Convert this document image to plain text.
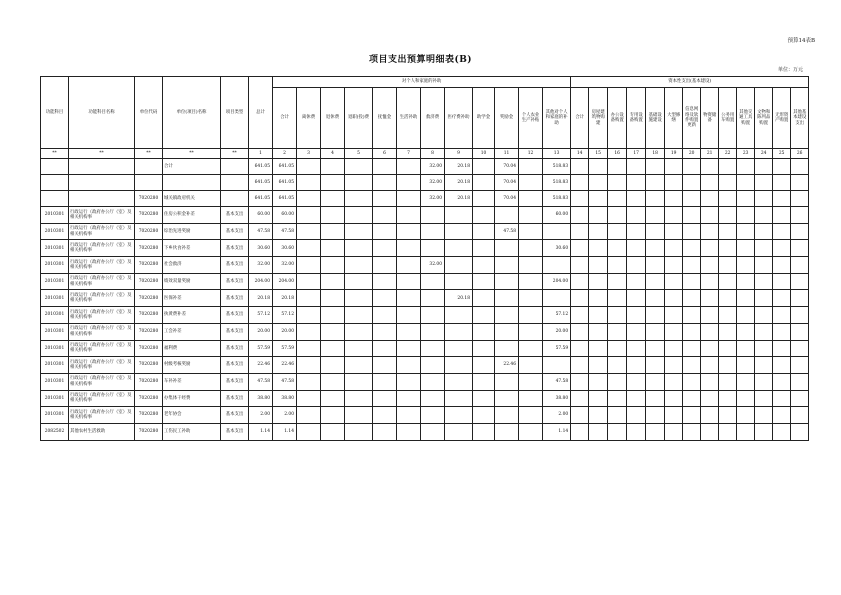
预算14表B
项目支出预算明细表(B)
单位：万元
功能科目	功能科目名称	单位代码	单位(项目)名称	项目类型	总计	对个人和家庭的补助												资本性支出(基本建设)												
						合计	离休费	退休费	退职(役)费	抚恤金	生活补助	救济费	医疗费补助	助学金	奖励金	个人农业生产补贴	其他对个人和家庭的补助	合计	房屋建筑物购建	办公设备购置	专用设备购置	基础设施建设	大型修缮	信息网络及软件购置更新	物资储备	公务用车购置	其他交通工具购置	文物和陈列品购置	无形资产购置	其他基本建设支出
**	**	**	**	**	1	2	3	4	5	6	7	8	9	10	11	12	13	14	15	16	17	18	19	20	21	22	23	24	25	26
			合计		641.05	641.05						32.00	20.18		70.04		518.83													
					641.05	641.05						32.00	20.18		70.04		518.83													
		7020280	城关镇政府机关		641.05	641.05						32.00	20.18		70.04		518.83													
2010301	行政运行（政府办公厅（室）及相关机构事	7020280	住房公积金补差	基本支出	60.00	60.00											60.00													
2010301	行政运行（政府办公厅（室）及相关机构事	7020280	综治先进奖励	基本支出	47.58	47.58									47.58															
2010301	行政运行（政府办公厅（室）及相关机构事	7020280	下乡伙食补差	基本支出	30.60	30.60											30.60													
2010301	行政运行（政府办公厅（室）及相关机构事	7020280	社会救济	基本支出	32.00	32.00						32.00																		
2010301	行政运行（政府办公厅（室）及相关机构事	7020280	绩效双量奖励	基本支出	204.00	204.00											204.00													
2010301	行政运行（政府办公厅（室）及相关机构事	7020280	医保补差	基本支出	20.18	20.18							20.18																	
2010301	行政运行（政府办公厅（室）及相关机构事	7020280	执黄费补差	基本支出	57.12	57.12											57.12													
2010301	行政运行（政府办公厅（室）及相关机构事	7020280	工会补差	基本支出	20.00	20.00											20.00													
2010301	行政运行（政府办公厅（室）及相关机构事	7020280	福利费	基本支出	57.59	57.59											57.59													
2010301	行政运行（政府办公厅（室）及相关机构事	7020280	村级考核奖励	基本支出	22.46	22.46									22.46															
2010301	行政运行（政府办公厅（室）及相关机构事	7020280	车补补差	基本支出	47.58	47.58											47.58													
2010301	行政运行（政府办公厅（室）及相关机构事	7020280	办集体干经费	基本支出	38.80	38.80											38.80													
2010301	行政运行（政府办公厅（室）及相关机构事	7020280	老年协会	基本支出	2.00	2.00											2.00													
2082502	其他农村生活救助	7020280	工伤民工补助	基本支出	1.14	1.14											1.14													
